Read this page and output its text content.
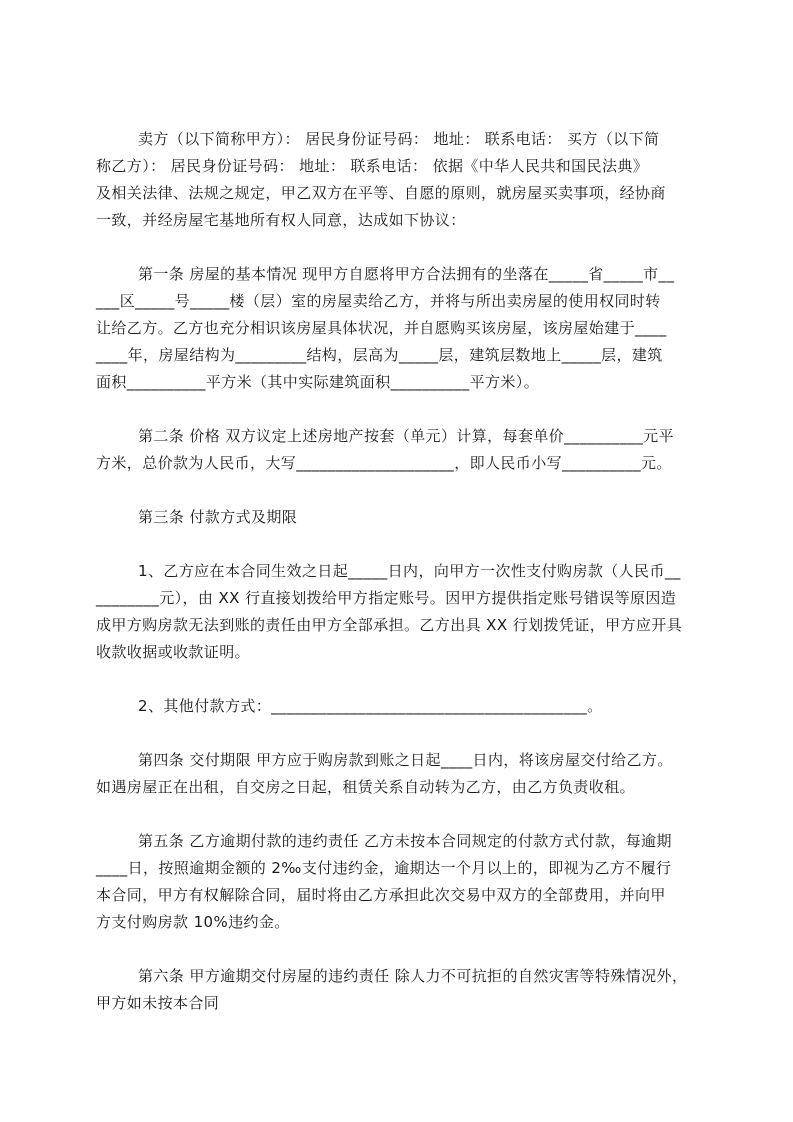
卖方（以下简称甲方）： 居民身份证号码： 地址： 联系电话： 买方（以下简
称乙方）： 居民身份证号码： 地址： 联系电话： 依据《中华人民共和国民法典》
及相关法律、法规之规定，甲乙双方在平等、自愿的原则，就房屋买卖事项，经协商
一致，并经房屋宅基地所有权人同意，达成如下协议：
第一条 房屋的基本情况 现甲方自愿将甲方合法拥有的坐落在_____省_____市__
___区_____号_____楼（层）室的房屋卖给乙方，并将与所出卖房屋的使用权同时转
让给乙方。乙方也充分相识该房屋具体状况，并自愿购买该房屋，该房屋始建于____
____年，房屋结构为_________结构，层高为_____层，建筑层数地上_____层，建筑
面积__________平方米（其中实际建筑面积__________平方米）。
第二条 价格 双方议定上述房地产按套（单元）计算，每套单价__________元平
方米，总价款为人民币，大写____________________，即人民币小写__________元。
第三条 付款方式及期限
1、乙方应在本合同生效之日起_____日内，向甲方一次性支付购房款（人民币__
________元），由 XX 行直接划拨给甲方指定账号。因甲方提供指定账号错误等原因造
成甲方购房款无法到账的责任由甲方全部承担。乙方出具 XX 行划拨凭证，甲方应开具
收款收据或收款证明。
2、其他付款方式：________________________________________。
第四条 交付期限 甲方应于购房款到账之日起____日内，将该房屋交付给乙方。
如遇房屋正在出租，自交房之日起，租赁关系自动转为乙方，由乙方负责收租。
第五条 乙方逾期付款的违约责任 乙方未按本合同规定的付款方式付款，每逾期
____日，按照逾期金额的 2‰支付违约金，逾期达一个月以上的，即视为乙方不履行
本合同，甲方有权解除合同，届时将由乙方承担此次交易中双方的全部费用，并向甲
方支付购房款 10%违约金。
第六条 甲方逾期交付房屋的违约责任 除人力不可抗拒的自然灾害等特殊情况外，
甲方如未按本合同
